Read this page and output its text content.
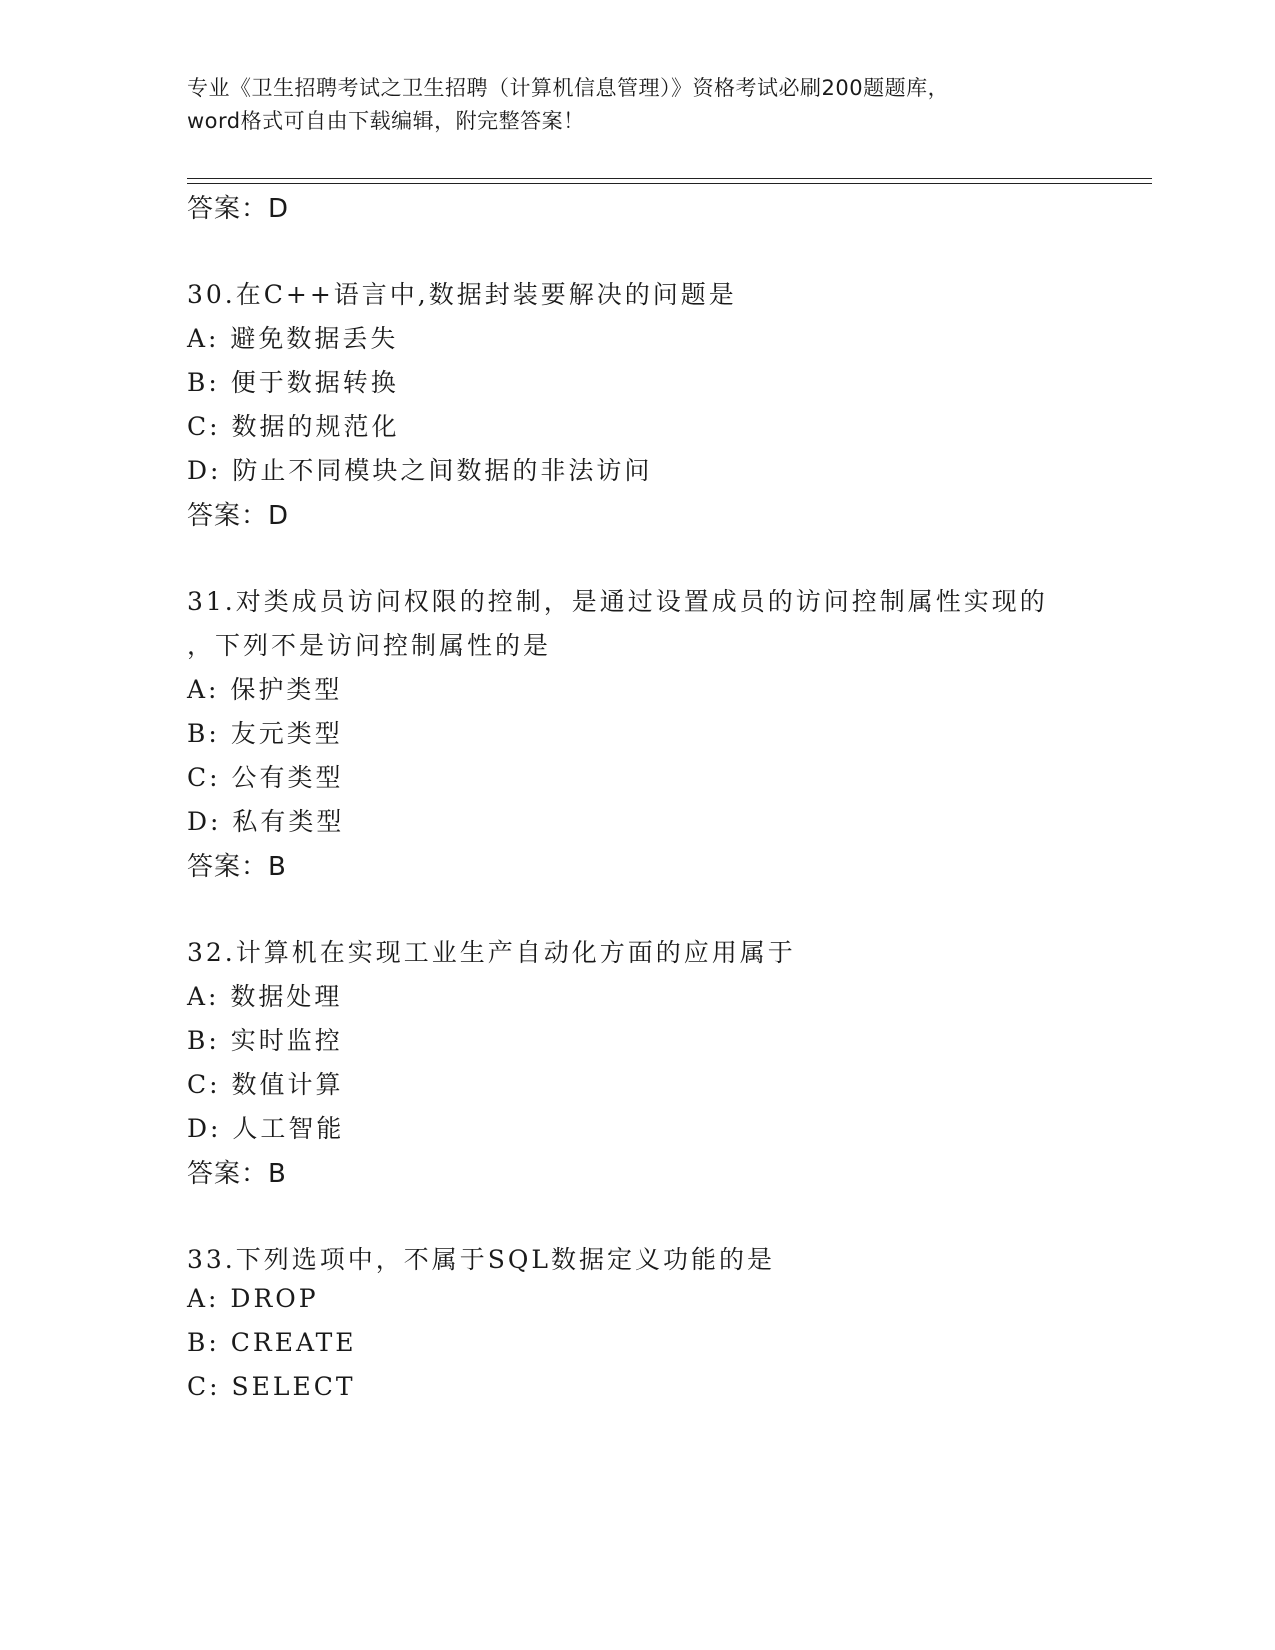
专业《卫生招聘考试之卫生招聘（计算机信息管理）》资格考试必刷200题题库，
word格式可自由下载编辑，附完整答案！
答案：D
30.在C++语言中,数据封装要解决的问题是
A: 避免数据丢失
B: 便于数据转换
C: 数据的规范化
D: 防止不同模块之间数据的非法访问
答案：D
31.对类成员访问权限的控制，是通过设置成员的访问控制属性实现的
，下列不是访问控制属性的是
A: 保护类型
B: 友元类型
C: 公有类型
D: 私有类型
答案：B
32.计算机在实现工业生产自动化方面的应用属于
A: 数据处理
B: 实时监控
C: 数值计算
D: 人工智能
答案：B
33.下列选项中，不属于SQL数据定义功能的是
A: DROP
B: CREATE
C: SELECT
